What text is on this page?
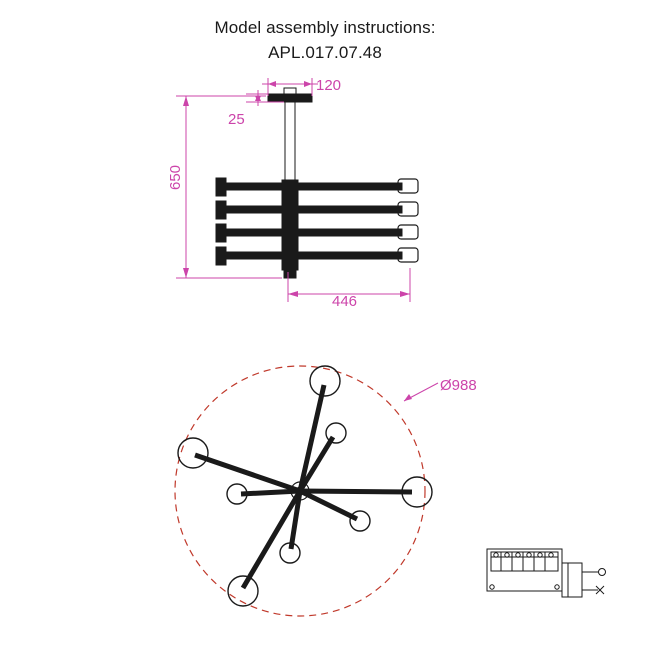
Model assembly instructions:
APL.017.07.48
120
25
650
446
Ø988
